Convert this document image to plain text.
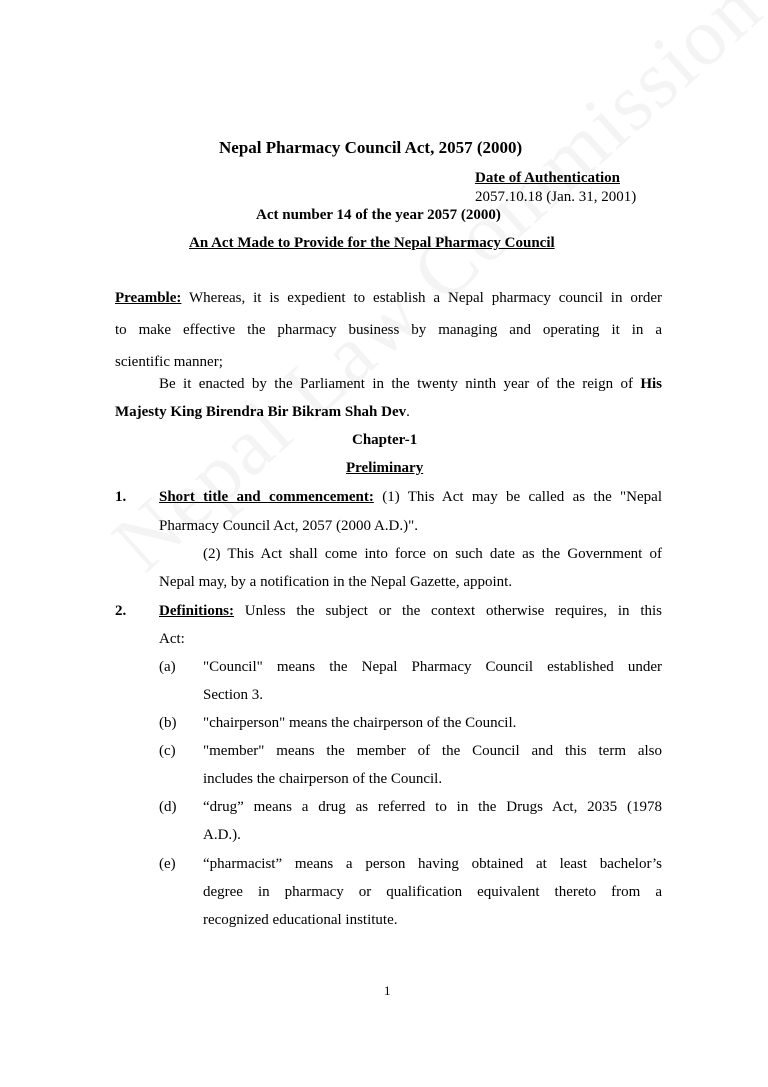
Nepal Pharmacy Council Act, 2057 (2000)
Date of Authentication
2057.10.18 (Jan. 31, 2001)
Act number 14 of the year 2057 (2000)
An Act Made to Provide for the Nepal Pharmacy Council
Preamble: Whereas, it is expedient to establish a Nepal pharmacy council in order
to make effective the pharmacy business by managing and operating it in a
scientific manner;
Be it enacted by the Parliament in the twenty ninth year of the reign of His
Majesty King Birendra Bir Bikram Shah Dev.
Chapter-1
Preliminary
1. Short title and commencement: (1) This Act may be called as the "Nepal
Pharmacy Council Act, 2057 (2000 A.D.)".
(2) This Act shall come into force on such date as the Government of
Nepal may, by a notification in the Nepal Gazette, appoint.
2. Definitions: Unless the subject or the context otherwise requires, in this
Act:
(a) "Council" means the Nepal Pharmacy Council established under
Section 3.
(b) "chairperson" means the chairperson of the Council.
(c) "member" means the member of the Council and this term also
includes the chairperson of the Council.
(d) “drug” means a drug as referred to in the Drugs Act, 2035 (1978
A.D.).
(e) “pharmacist” means a person having obtained at least bachelor’s
degree in pharmacy or qualification equivalent thereto from a
recognized educational institute.
1
